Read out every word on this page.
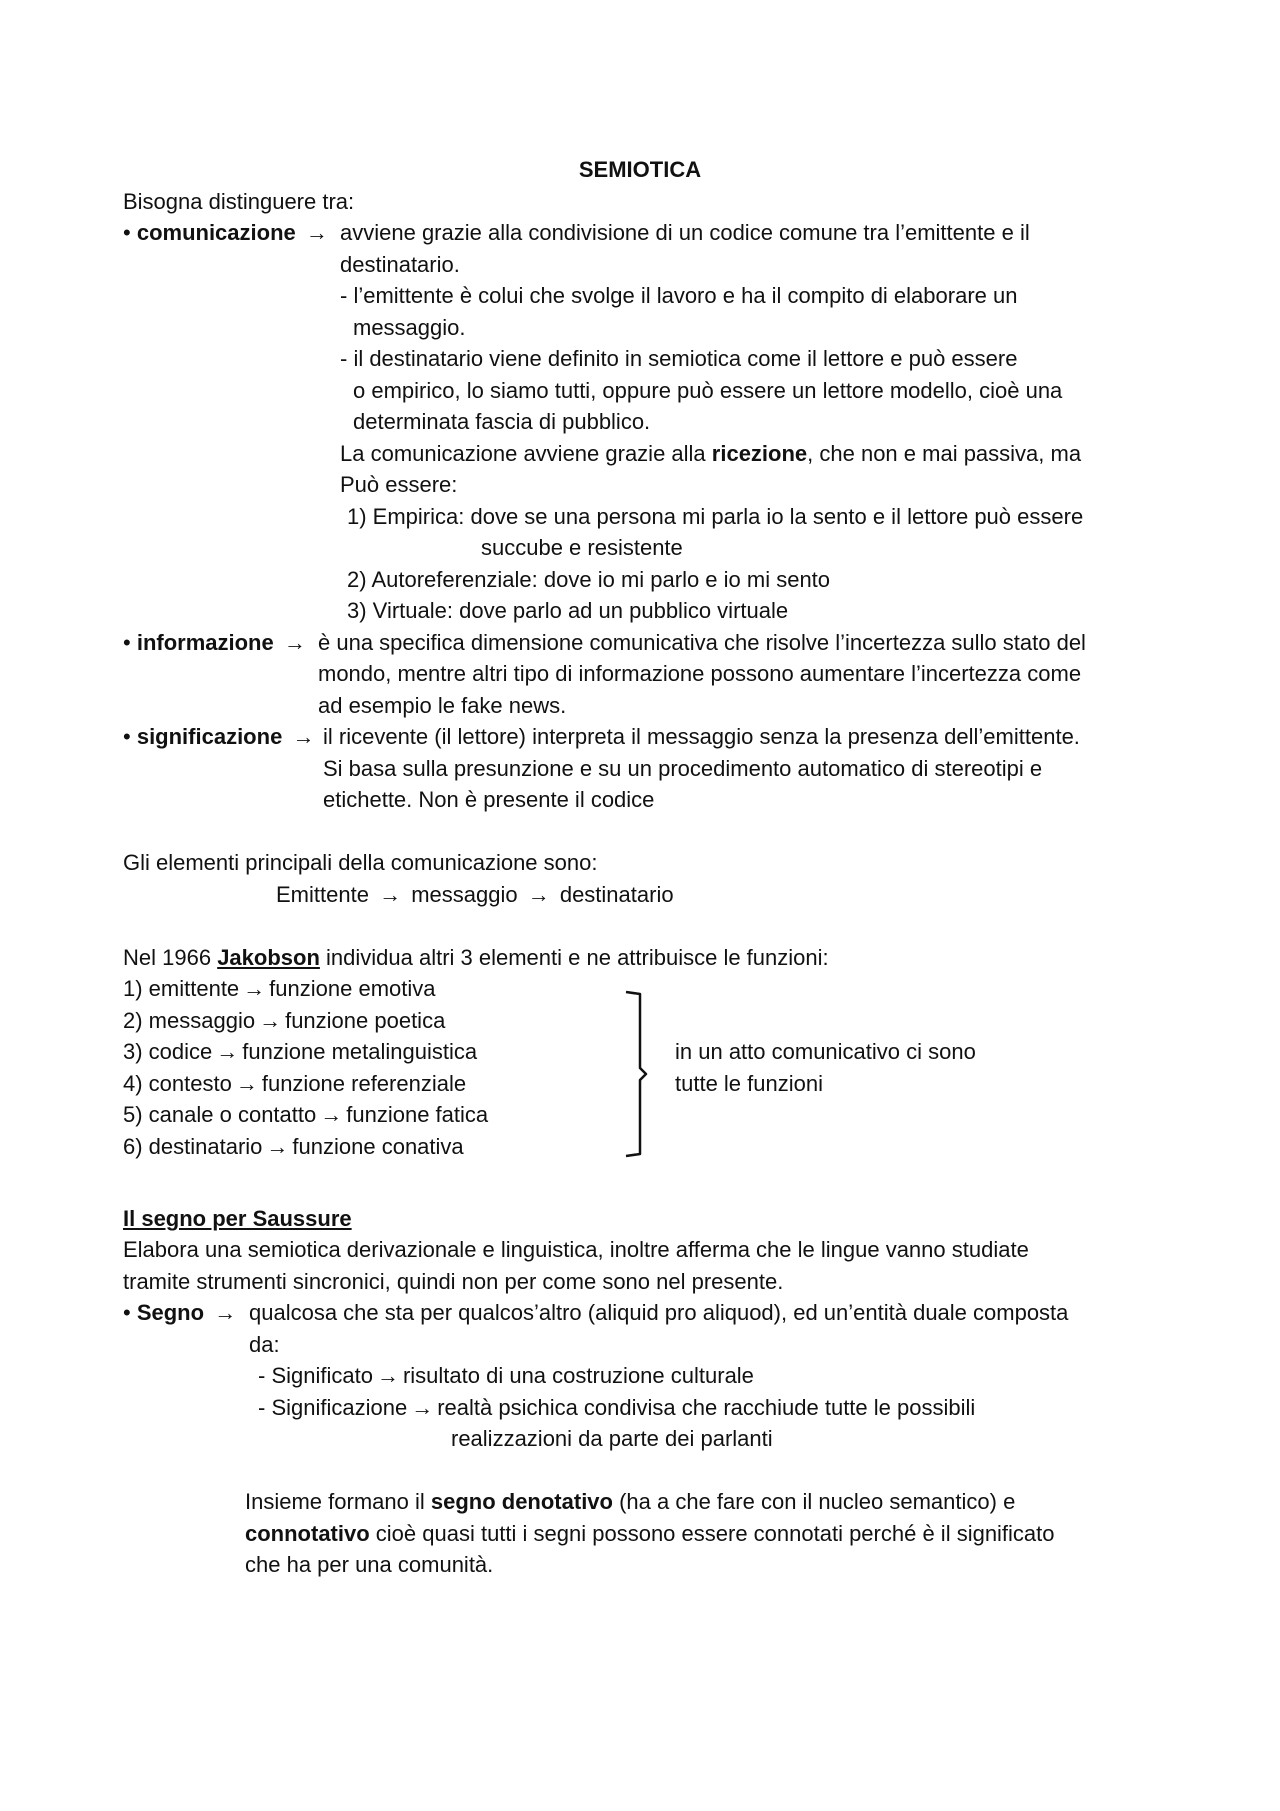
SEMIOTICA
Bisogna distinguere tra:
• comunicazione → avviene grazie alla condivisione di un codice comune tra l’emittente e il
destinatario.
- l’emittente è colui che svolge il lavoro e ha il compito di elaborare un
messaggio.
- il destinatario viene definito in semiotica come il lettore e può essere
o empirico, lo siamo tutti, oppure può essere un lettore modello, cioè una
determinata fascia di pubblico.
La comunicazione avviene grazie alla ricezione, che non e mai passiva, ma
Può essere:
1) Empirica: dove se una persona mi parla io la sento e il lettore può essere
succube e resistente
2) Autoreferenziale: dove io mi parlo e io mi sento
3) Virtuale: dove parlo ad un pubblico virtuale
• informazione → è una specifica dimensione comunicativa che risolve l’incertezza sullo stato del
mondo, mentre altri tipo di informazione possono aumentare l’incertezza come
ad esempio le fake news.
• significazione → il ricevente (il lettore) interpreta il messaggio senza la presenza dell’emittente.
Si basa sulla presunzione e su un procedimento automatico di stereotipi e
etichette. Non è presente il codice
Gli elementi principali della comunicazione sono:
Emittente → messaggio → destinatario
Nel 1966 Jakobson individua altri 3 elementi e ne attribuisce le funzioni:
1) emittente → funzione emotiva
2) messaggio → funzione poetica
3) codice → funzione metalinguistica
4) contesto → funzione referenziale
5) canale o contatto → funzione fatica
6) destinatario → funzione conativa
in un atto comunicativo ci sono
tutte le funzioni
Il segno per Saussure
Elabora una semiotica derivazionale e linguistica, inoltre afferma che le lingue vanno studiate
tramite strumenti sincronici, quindi non per come sono nel presente.
• Segno → qualcosa che sta per qualcos’altro (aliquid pro aliquod), ed un’entità duale composta
da:
- Significato → risultato di una costruzione culturale
- Significazione → realtà psichica condivisa che racchiude tutte le possibili
realizzazioni da parte dei parlanti
Insieme formano il segno denotativo (ha a che fare con il nucleo semantico) e
connotativo cioè quasi tutti i segni possono essere connotati perché è il significato
che ha per una comunità.
